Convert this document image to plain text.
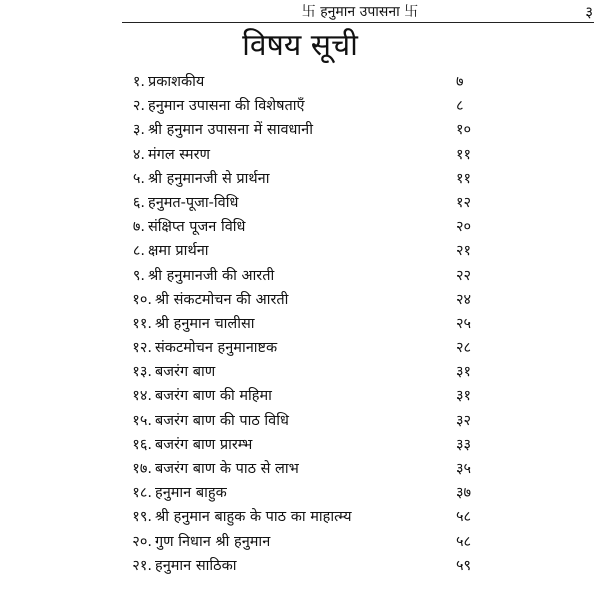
卐 हनुमान उपासना 卐	३
विषय सूची
१. प्रकाशकीय	७
२. हनुमान उपासना की विशेषताएँ	८
३. श्री हनुमान उपासना में सावधानी	१०
४. मंगल स्मरण	११
५. श्री हनुमानजी से प्रार्थना	११
६. हनुमत-पूजा-विधि	१२
७. संक्षिप्त पूजन विधि	२०
८. क्षमा प्रार्थना	२१
९. श्री हनुमानजी की आरती	२२
१०. श्री संकटमोचन की आरती	२४
११. श्री हनुमान चालीसा	२५
१२. संकटमोचन हनुमानाष्टक	२८
१३. बजरंग बाण	३१
१४. बजरंग बाण की महिमा	३१
१५. बजरंग बाण की पाठ विधि	३२
१६. बजरंग बाण प्रारम्भ	३३
१७. बजरंग बाण के पाठ से लाभ	३५
१८. हनुमान बाहुक	३७
१९. श्री हनुमान बाहुक के पाठ का माहात्म्य	५८
२०. गुण निधान श्री हनुमान	५८
२१. हनुमान साठिका	५९
